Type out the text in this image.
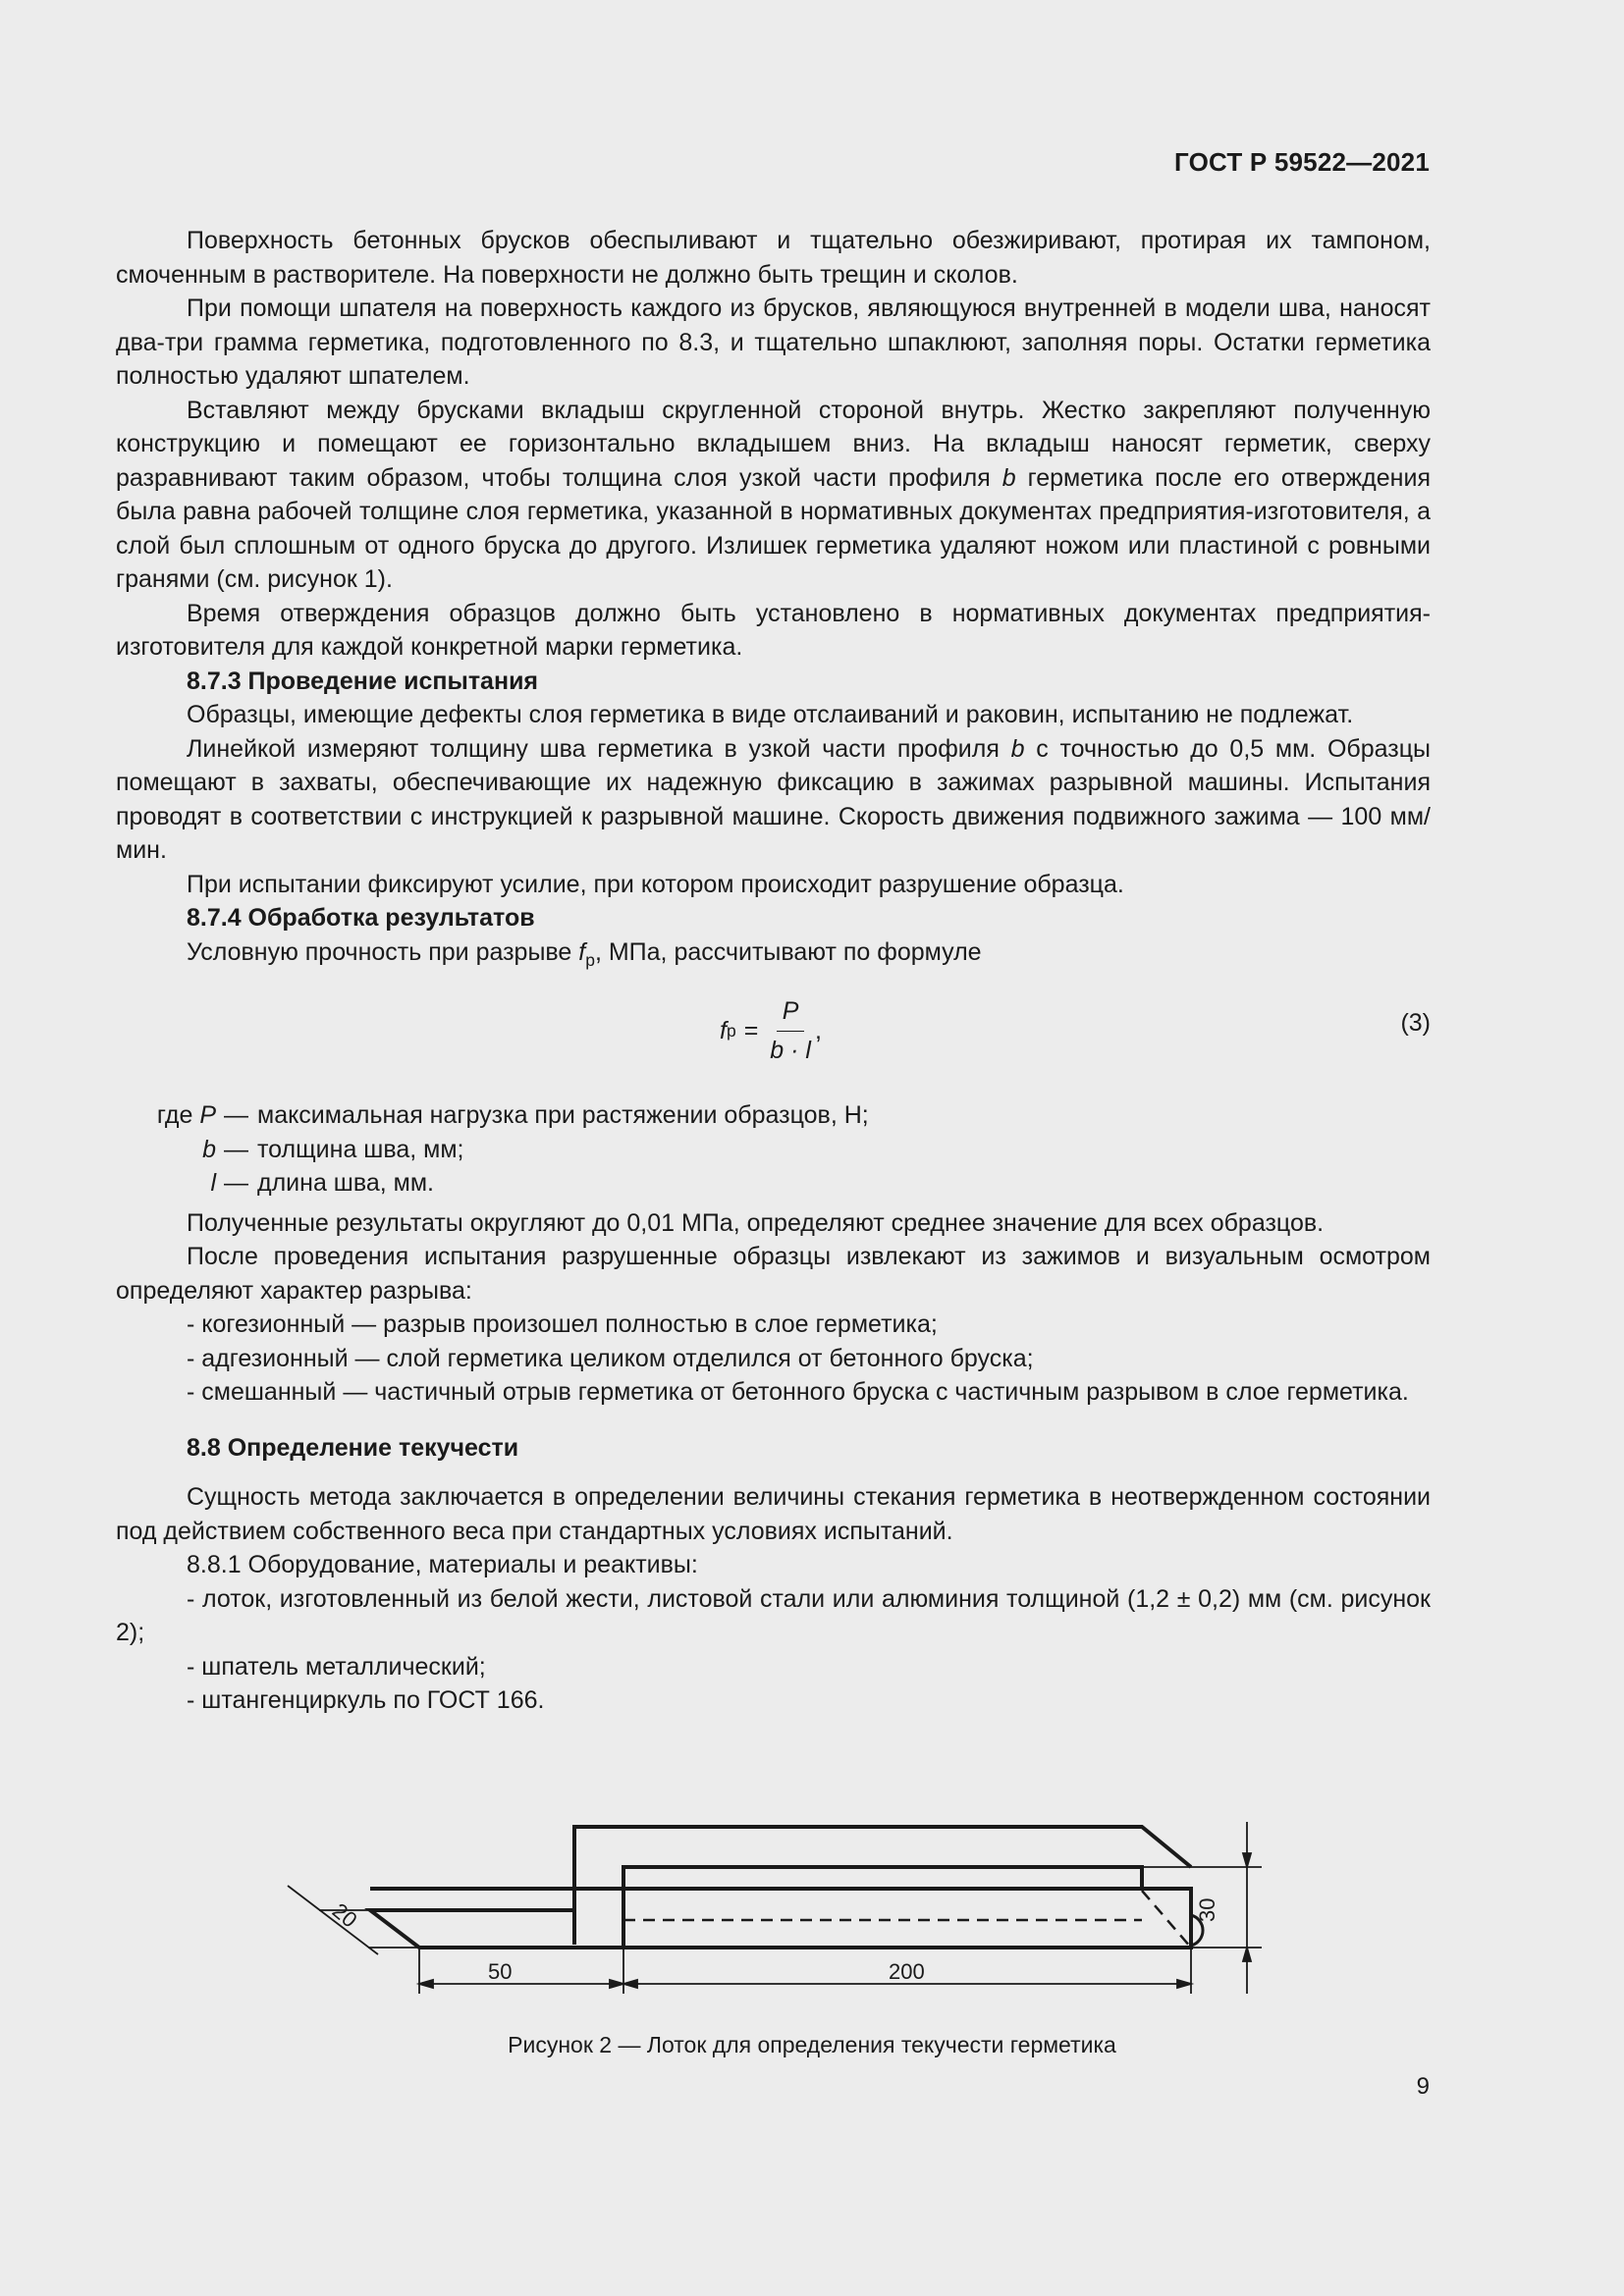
ГОСТ Р 59522—2021

Поверхность бетонных брусков обеспыливают и тщательно обезжиривают, протирая их тампоном, смоченным в растворителе. На поверхности не должно быть трещин и сколов.

При помощи шпателя на поверхность каждого из брусков, являющуюся внутренней в модели шва, наносят два-три грамма герметика, подготовленного по 8.3, и тщательно шпаклюют, заполняя поры. Остатки герметика полностью удаляют шпателем.

Вставляют между брусками вкладыш скругленной стороной внутрь. Жестко закрепляют полученную конструкцию и помещают ее горизонтально вкладышем вниз. На вкладыш наносят герметик, сверху разравнивают таким образом, чтобы толщина слоя узкой части профиля b герметика после его отверждения была равна рабочей толщине слоя герметика, указанной в нормативных документах предприятия-изготовителя, а слой был сплошным от одного бруска до другого. Излишек герметика удаляют ножом или пластиной с ровными гранями (см. рисунок 1).

Время отверждения образцов должно быть установлено в нормативных документах предприятия-изготовителя для каждой конкретной марки герметика.

8.7.3 Проведение испытания

Образцы, имеющие дефекты слоя герметика в виде отслаиваний и раковин, испытанию не подлежат.

Линейкой измеряют толщину шва герметика в узкой части профиля b с точностью до 0,5 мм. Образцы помещают в захваты, обеспечивающие их надежную фиксацию в зажимах разрывной машины. Испытания проводят в соответствии с инструкцией к разрывной машине. Скорость движения подвижного зажима — 100 мм/мин.

При испытании фиксируют усилие, при котором происходит разрушение образца.

8.7.4 Обработка результатов

Условную прочность при разрыве $f_р$, МПа, рассчитывают по формуле

f $р = \frac{P}{b \cdot l}$ ,	(3)
где P — максимальная нагрузка при растяжении образцов, Н;
b — толщина шва, мм;
l — длина шва, мм.

Полученные результаты округляют до 0,01 МПа, определяют среднее значение для всех образцов.

После проведения испытания разрушенные образцы извлекают из зажимов и визуальным осмотром определяют характер разрыва:

- когезионный — разрыв произошел полностью в слое герметика;

- адгезионный — слой герметика целиком отделился от бетонного бруска;

- смешанный — частичный отрыв герметика от бетонного бруска с частичным разрывом в слое герметика.

8.8 Определение текучести

Сущность метода заключается в определении величины стекания герметика в неотвержденном состоянии под действием собственного веса при стандартных условиях испытаний.

8.8.1 Оборудование, материалы и реактивы:

- лоток, изготовленный из белой жести, листовой стали или алюминия толщиной (1,2 ± 0,2) мм (см. рисунок 2);

- шпатель металлический;

- штангенциркуль по ГОСТ 166.

50	200
30
20
Рисунок 2 — Лоток для определения текучести герметика
9
